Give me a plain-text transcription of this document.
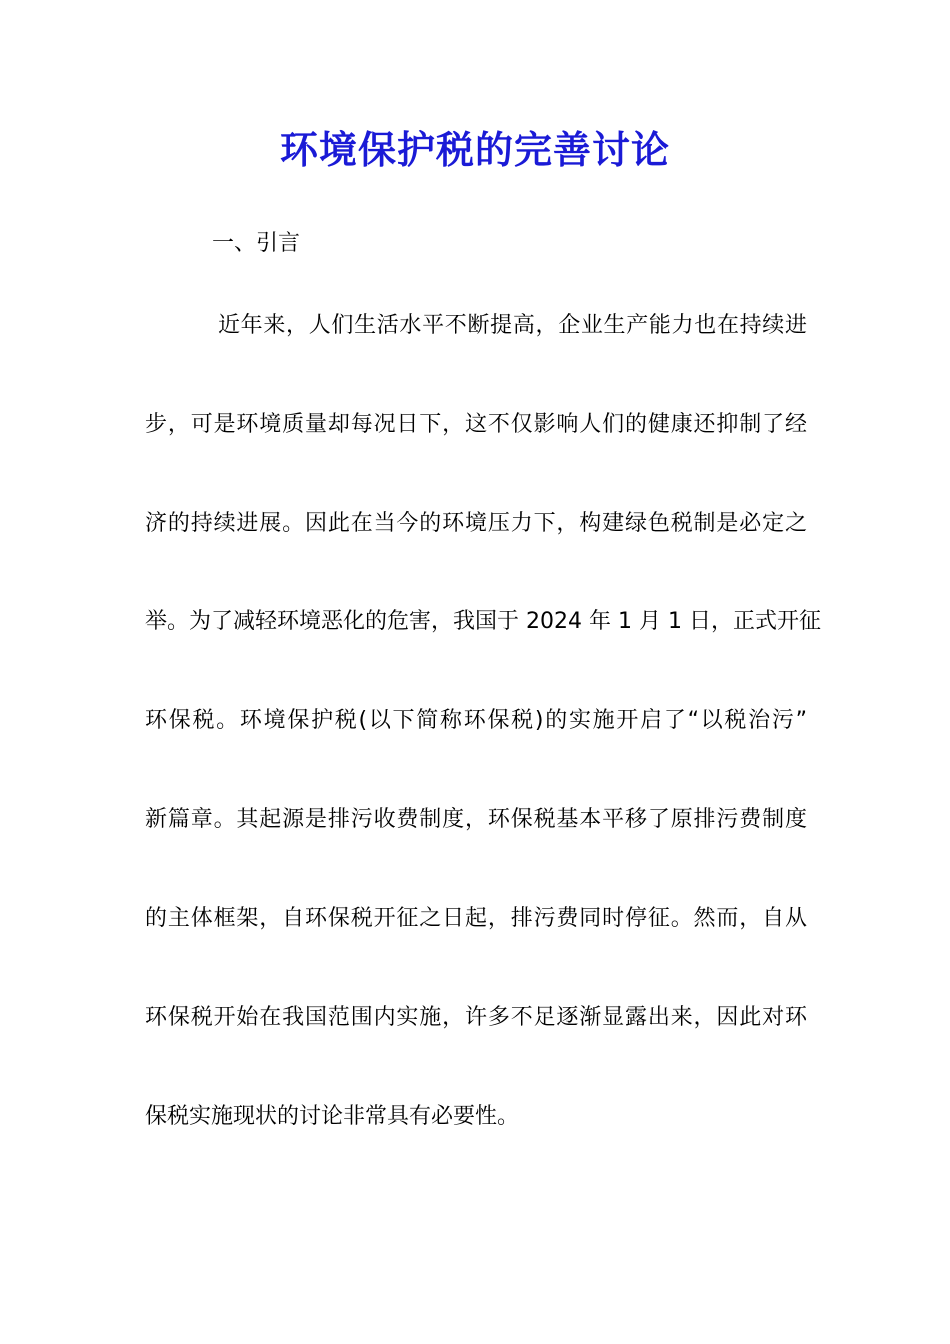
环境保护税的完善讨论
一、引言
近年来，人们生活水平不断提高，企业生产能力也在持续进
步，可是环境质量却每况日下，这不仅影响人们的健康还抑制了经
济的持续进展。因此在当今的环境压力下，构建绿色税制是必定之
举。为了减轻环境恶化的危害，我国于 2024 年 1 月 1 日，正式开征
环保税。环境保护税(以下简称环保税)的实施开启了“以税治污”
新篇章。其起源是排污收费制度，环保税基本平移了原排污费制度
的主体框架，自环保税开征之日起，排污费同时停征。然而，自从
环保税开始在我国范围内实施，许多不足逐渐显露出来，因此对环
保税实施现状的讨论非常具有必要性。
